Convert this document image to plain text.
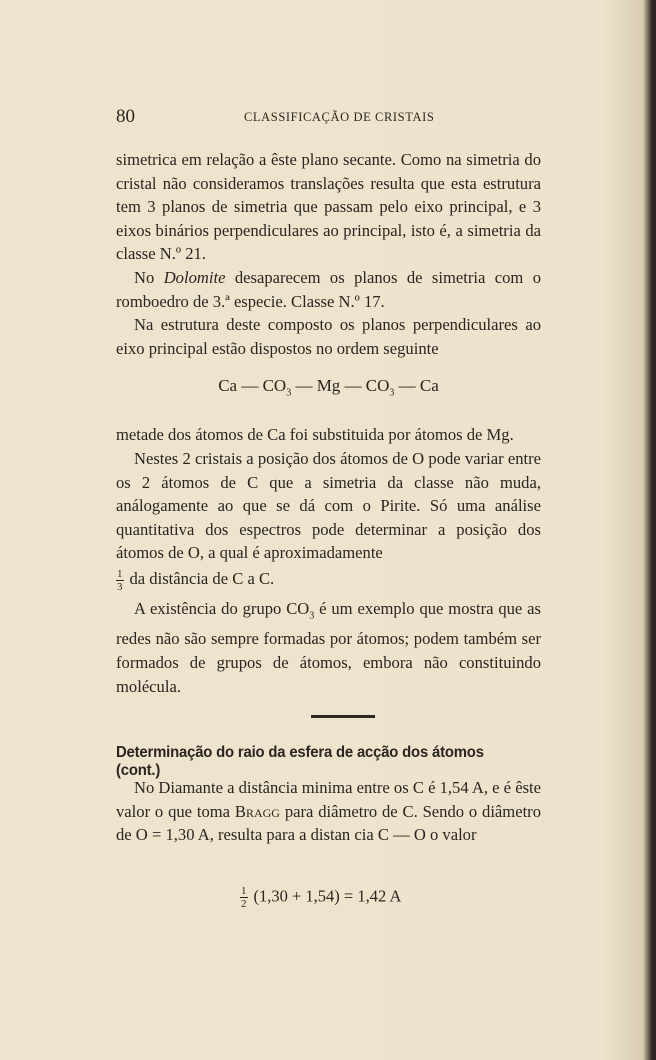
80	CLASSIFICAÇÃO DE CRISTAIS

simetrica em relação a êste plano secante. Como na simetria do cristal não consideramos translações resulta que esta estrutura tem 3 planos de simetria que passam pelo eixo principal, e 3 eixos binários perpendiculares ao principal, isto é, a simetria da classe N.º 21.

No Dolomite desaparecem os planos de simetria com o romboedro de 3.ª especie. Classe N.º 17.

Na estrutura deste composto os planos perpendiculares ao eixo principal estão dispostos no ordem seguinte

Ca — $CO_3$ — Mg — $CO_3$ — Ca

metade dos átomos de Ca foi substituida por átomos de Mg.

Nestes 2 cristais a posição dos átomos de O pode variar entre os 2 átomos de C que a simetria da classe não muda, análogamente ao que se dá com o Pirite. Só uma análise quantitativa dos espectros pode determinar a posição dos átomos de O, a qual é aproximadamente

$\frac{1}{3}$ da distância de C a C.

A existência do grupo $CO_3$ é um exemplo que mostra que as redes não são sempre formadas por átomos; podem também ser formados de grupos de átomos, embora não constituindo molécula.

Determinação do raio da esfera de acção dos átomos (cont.)

No Diamante a distância minima entre os C é 1,54 A, e é êste valor o que toma Bragg para diâmetro de C. Sendo o diâmetro de O = 1,30 A, resulta para a distan cia C — O o valor

$\frac{1}{2} (1,30 + 1,54) = 1,42$ A
